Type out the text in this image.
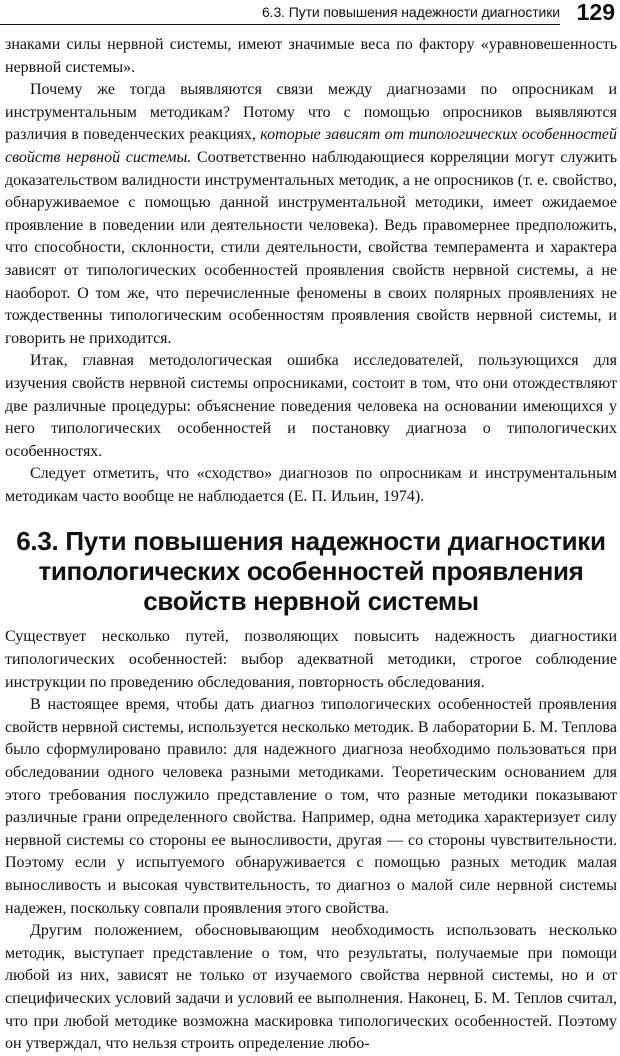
6.3. Пути повышения надежности диагностики 129

знаками силы нервной системы, имеют значимые веса по фактору «уравновешенность нервной системы».

Почему же тогда выявляются связи между диагнозами по опросникам и инструментальным методикам? Потому что с помощью опросников выявляются различия в поведенческих реакциях, которые зависят от типологических особенностей свойств нервной системы. Соответственно наблюдающиеся корреляции могут служить доказательством валидности инструментальных методик, а не опросников (т. е. свойство, обнаруживаемое с помощью данной инструментальной методики, имеет ожидаемое проявление в поведении или деятельности человека). Ведь правомернее предположить, что способности, склонности, стили деятельности, свойства темперамента и характера зависят от типологических особенностей проявления свойств нервной системы, а не наоборот. О том же, что перечисленные феномены в своих полярных проявлениях не тождественны типологическим особенностям проявления свойств нервной системы, и говорить не приходится.

Итак, главная методологическая ошибка исследователей, пользующихся для изучения свойств нервной системы опросниками, состоит в том, что они отождествляют две различные процедуры: объяснение поведения человека на основании имеющихся у него типологических особенностей и постановку диагноза о типологических особенностях.

Следует отметить, что «сходство» диагнозов по опросникам и инструментальным методикам часто вообще не наблюдается (Е. П. Ильин, 1974).

6.3. Пути повышения надежности диагностики
типологических особенностей проявления
свойств нервной системы

Существует несколько путей, позволяющих повысить надежность диагностики типологических особенностей: выбор адекватной методики, строгое соблюдение инструкции по проведению обследования, повторность обследования.

В настоящее время, чтобы дать диагноз типологических особенностей проявления свойств нервной системы, используется несколько методик. В лаборатории Б. М. Теплова было сформулировано правило: для надежного диагноза необходимо пользоваться при обследовании одного человека разными методиками. Теоретическим основанием для этого требования послужило представление о том, что разные методики показывают различные грани определенного свойства. Например, одна методика характеризует силу нервной системы со стороны ее выносливости, другая — со стороны чувствительности. Поэтому если у испытуемого обнаруживается с помощью разных методик малая выносливость и высокая чувствительность, то диагноз о малой силе нервной системы надежен, поскольку совпали проявления этого свойства.

Другим положением, обосновывающим необходимость использовать несколько методик, выступает представление о том, что результаты, получаемые при помощи любой из них, зависят не только от изучаемого свойства нервной системы, но и от специфических условий задачи и условий ее выполнения. Наконец, Б. М. Теплов считал, что при любой методике возможна маскировка типологических особенностей. Поэтому он утверждал, что нельзя строить определение любо-
